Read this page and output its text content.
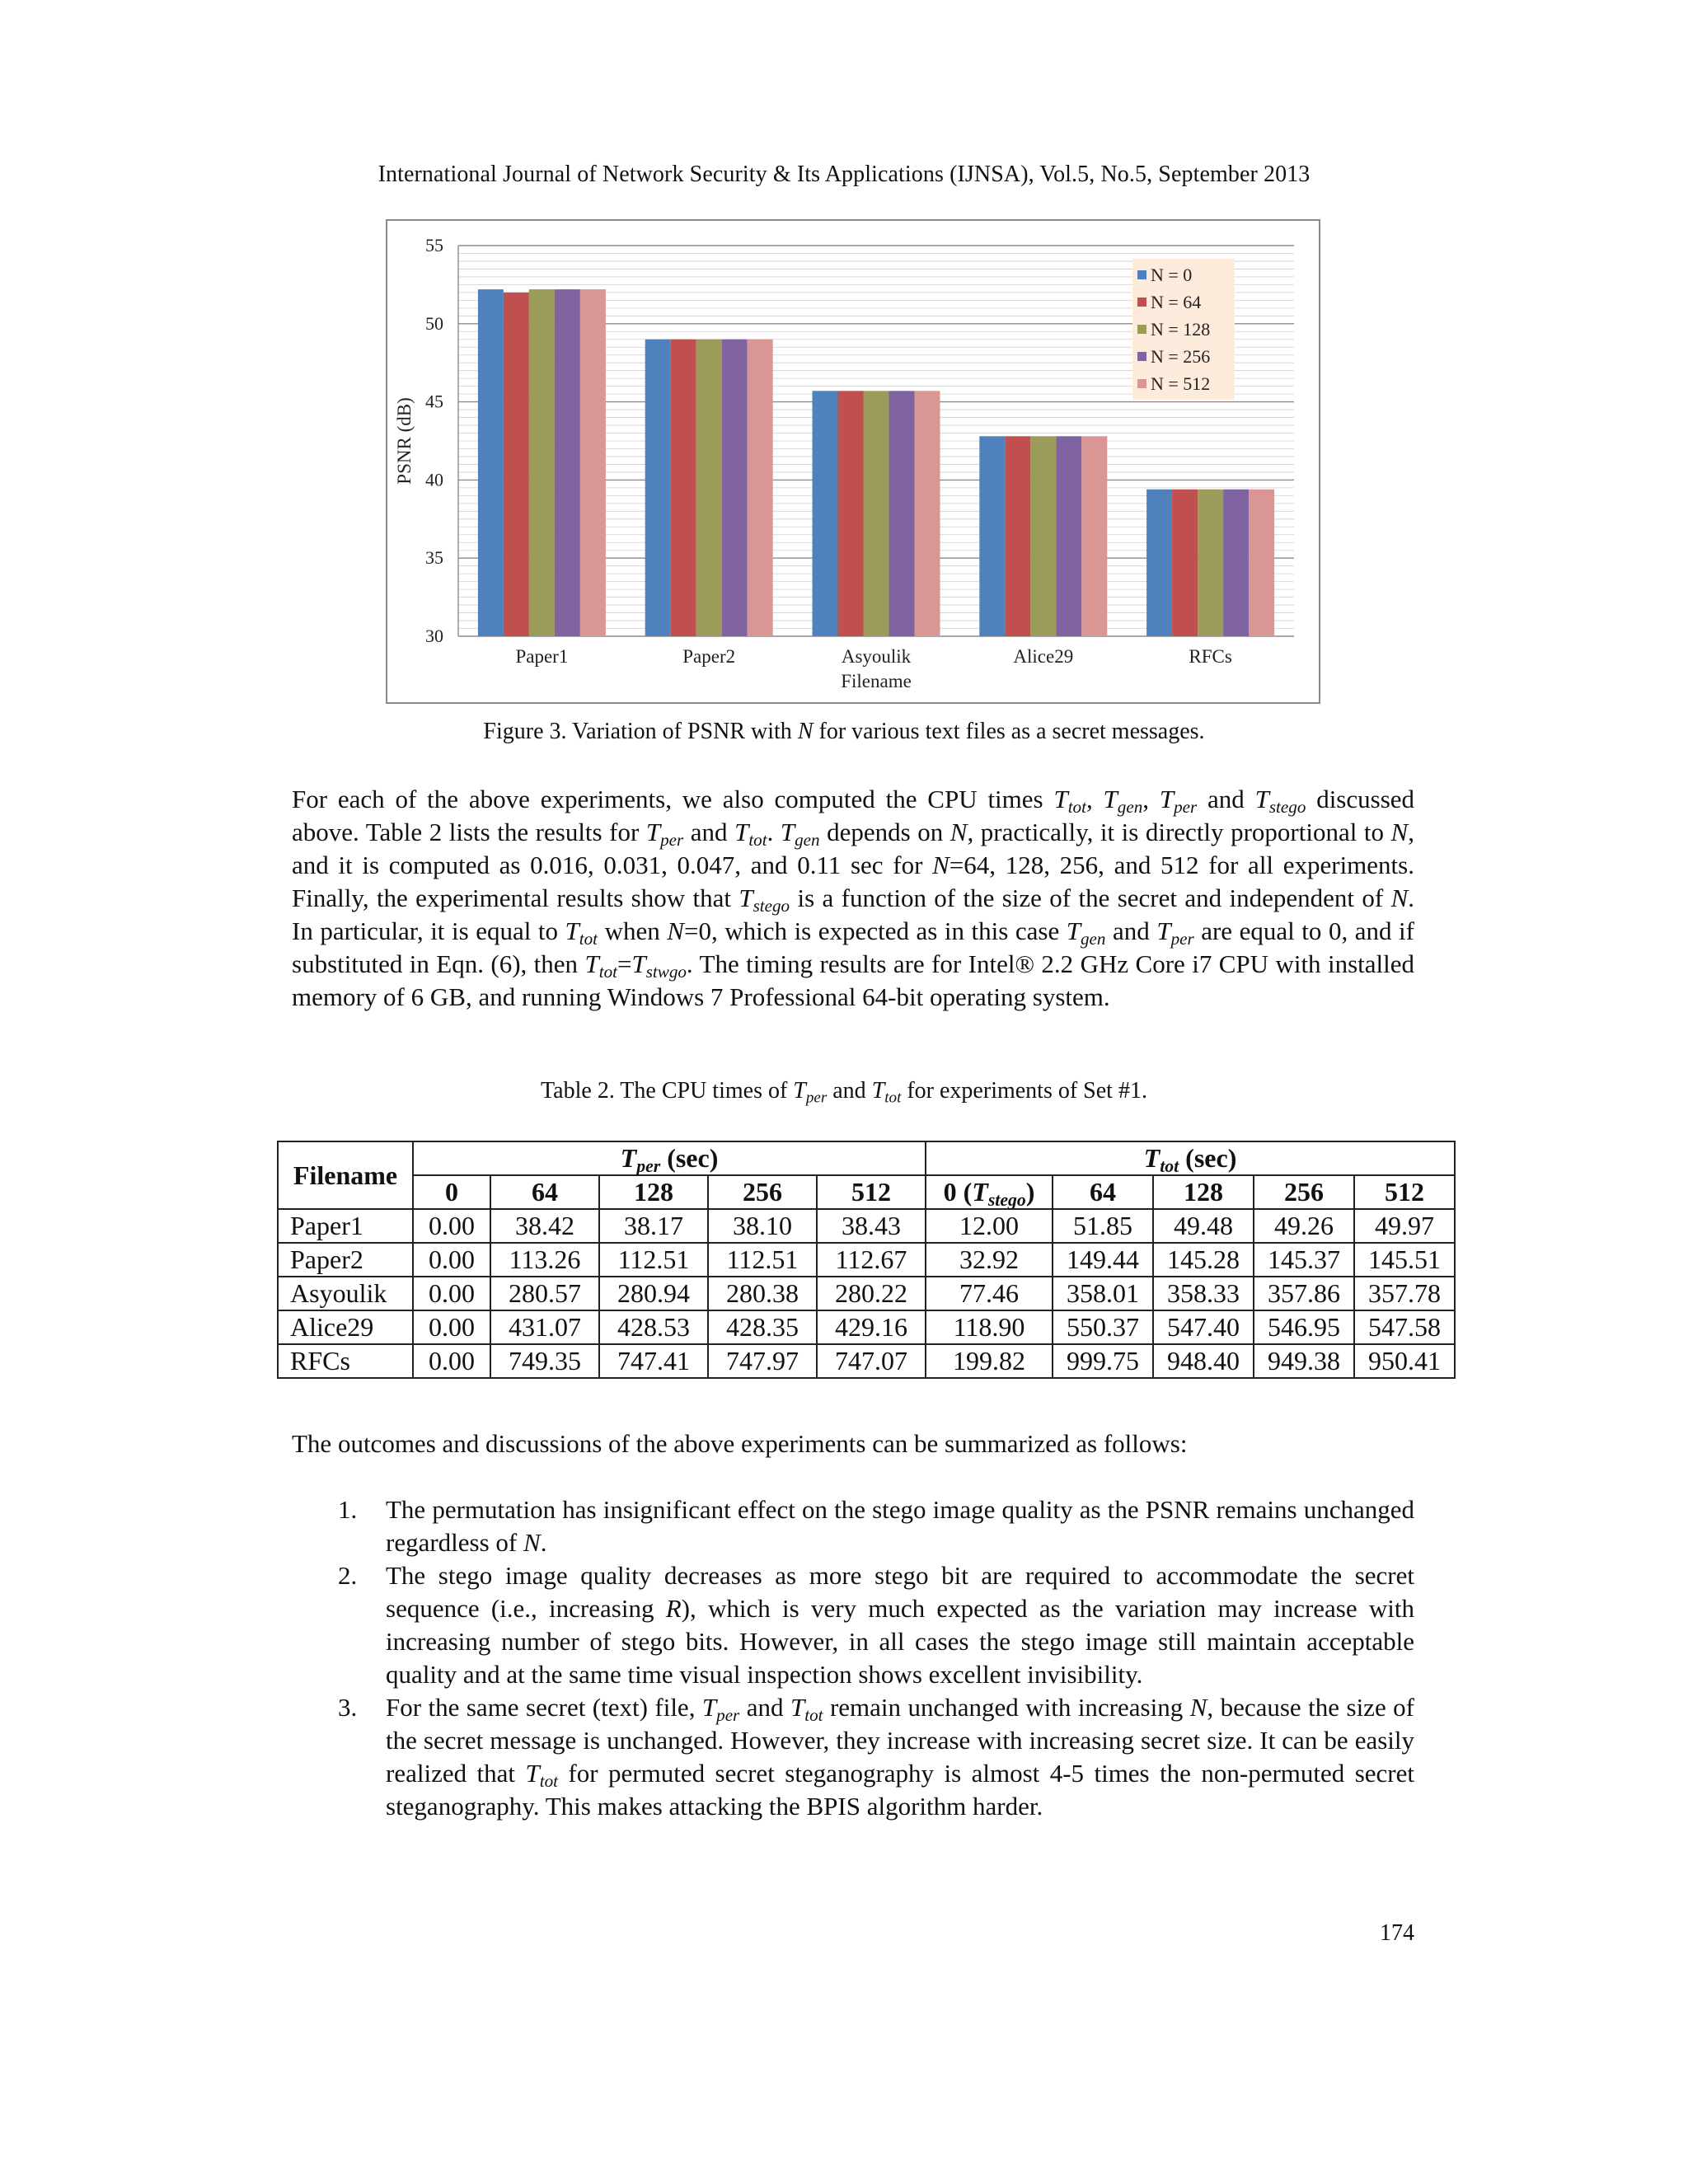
International Journal of Network Security & Its Applications (IJNSA), Vol.5, No.5, September 2013
30
35
40
45
50
55
PSNR (dB)
Paper1	Paper2	Asyoulik	Alice29	RFCs
Filename
N = 0
N = 64
N = 128
N = 256
N = 512
Figure 3. Variation of PSNR with N for various text files as a secret messages.

For each of the above experiments, we also computed the CPU times $T_{tot}$, $T_{gen}$, $T_{per}$ and $T_{stego}$ discussed above. Table 2 lists the results for $T_{per}$ and $T_{tot}$. $T_{gen}$ depends on N, practically, it is directly proportional to N, and it is computed as 0.016, 0.031, 0.047, and 0.11 sec for N=64, 128, 256, and 512 for all experiments. Finally, the experimental results show that $T_{stego}$ is a function of the size of the secret and independent of N. In particular, it is equal to $T_{tot}$ when N=0, which is expected as in this case $T_{gen}$ and $T_{per}$ are equal to 0, and if substituted in Eqn. (6), then $T_{tot}=T_{stwgo}$. The timing results are for Intel® 2.2 GHz Core i7 CPU with installed memory of 6 GB, and running Windows 7 Professional 64-bit operating system.

Table 2. The CPU times of $T_{per}$ and $T_{tot}$ for experiments of Set #1.
Filename	$T_{per}$ (sec)					$T_{tot}$ (sec)				
	0	64	128	256	512	0 $(T_{stego})$	64	128	256	512
Paper1	0.00	38.42	38.17	38.10	38.43	12.00	51.85	49.48	49.26	49.97
Paper2	0.00	113.26	112.51	112.51	112.67	32.92	149.44	145.28	145.37	145.51
Asyoulik	0.00	280.57	280.94	280.38	280.22	77.46	358.01	358.33	357.86	357.78
Alice29	0.00	431.07	428.53	428.35	429.16	118.90	550.37	547.40	546.95	547.58
RFCs	0.00	749.35	747.41	747.97	747.07	199.82	999.75	948.40	949.38	950.41

The outcomes and discussions of the above experiments can be summarized as follows:

1. The permutation has insignificant effect on the stego image quality as the PSNR remains unchanged regardless of N.
2. The stego image quality decreases as more stego bit are required to accommodate the secret sequence (i.e., increasing R), which is very much expected as the variation may increase with increasing number of stego bits. However, in all cases the stego image still maintain acceptable quality and at the same time visual inspection shows excellent invisibility.
3. For the same secret (text) file, $T_{per}$ and $T_{tot}$ remain unchanged with increasing N, because the size of the secret message is unchanged. However, they increase with increasing secret size. It can be easily realized that $T_{tot}$ for permuted secret steganography is almost 4-5 times the non-permuted secret steganography. This makes attacking the BPIS algorithm harder.
174
